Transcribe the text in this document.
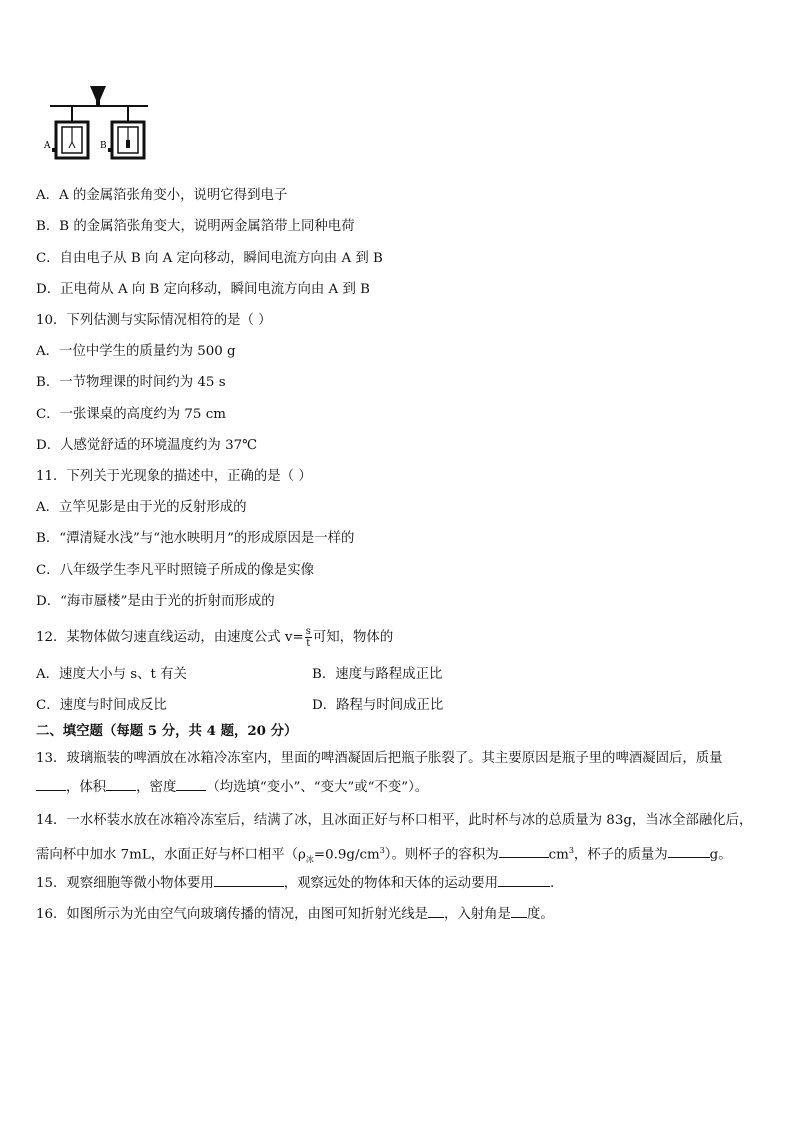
A	B
A．A 的金属箔张角变小，说明它得到电子
B．B 的金属箔张角变大，说明两金属箔带上同种电荷
C．自由电子从 B 向 A 定向移动，瞬间电流方向由 A 到 B
D．正电荷从 A 向 B 定向移动，瞬间电流方向由 A 到 B
10．下列估测与实际情况相符的是（ ）
A．一位中学生的质量约为 500 g
B．一节物理课的时间约为 45 s
C．一张课桌的高度约为 75 cm
D．人感觉舒适的环境温度约为 37℃
11．下列关于光现象的描述中，正确的是（ ）
A．立竿见影是由于光的反射形成的
B．“潭清疑水浅”与“池水映明月”的形成原因是一样的
C．八年级学生李凡平时照镜子所成的像是实像
D．“海市蜃楼”是由于光的折射而形成的
12．某物体做匀速直线运动，由速度公式 $v= \frac{s}{t}$ 可知，物体的
A．速度大小与 s、t 有关	B．速度与路程成正比
C．速度与时间成反比	D．路程与时间成正比
二、填空题（每题 5 分，共 4 题，20 分）
13．玻璃瓶装的啤酒放在冰箱冷冻室内，里面的啤酒凝固后把瓶子胀裂了。其主要原因是瓶子里的啤酒凝固后，质量
，体积 ，密度 （均选填“变小”、“变大”或“不变”）。
14．一水杯装水放在冰箱冷冻室后，结满了冰，且冰面正好与杯口相平，此时杯与冰的总质量为 83g，当冰全部融化后，
需向杯中加水 7mL，水面正好与杯口相平$(\rho_冰=0.9g/cm^3)$。则杯子的容积为	$cm^3$，杯子的质量为	g。
15．观察细胞等微小物体要用	，观察远处的物体和天体的运动要用	.
16．如图所示为光由空气向玻璃传播的情况，由图可知折射光线是 ，入射角是 度。
